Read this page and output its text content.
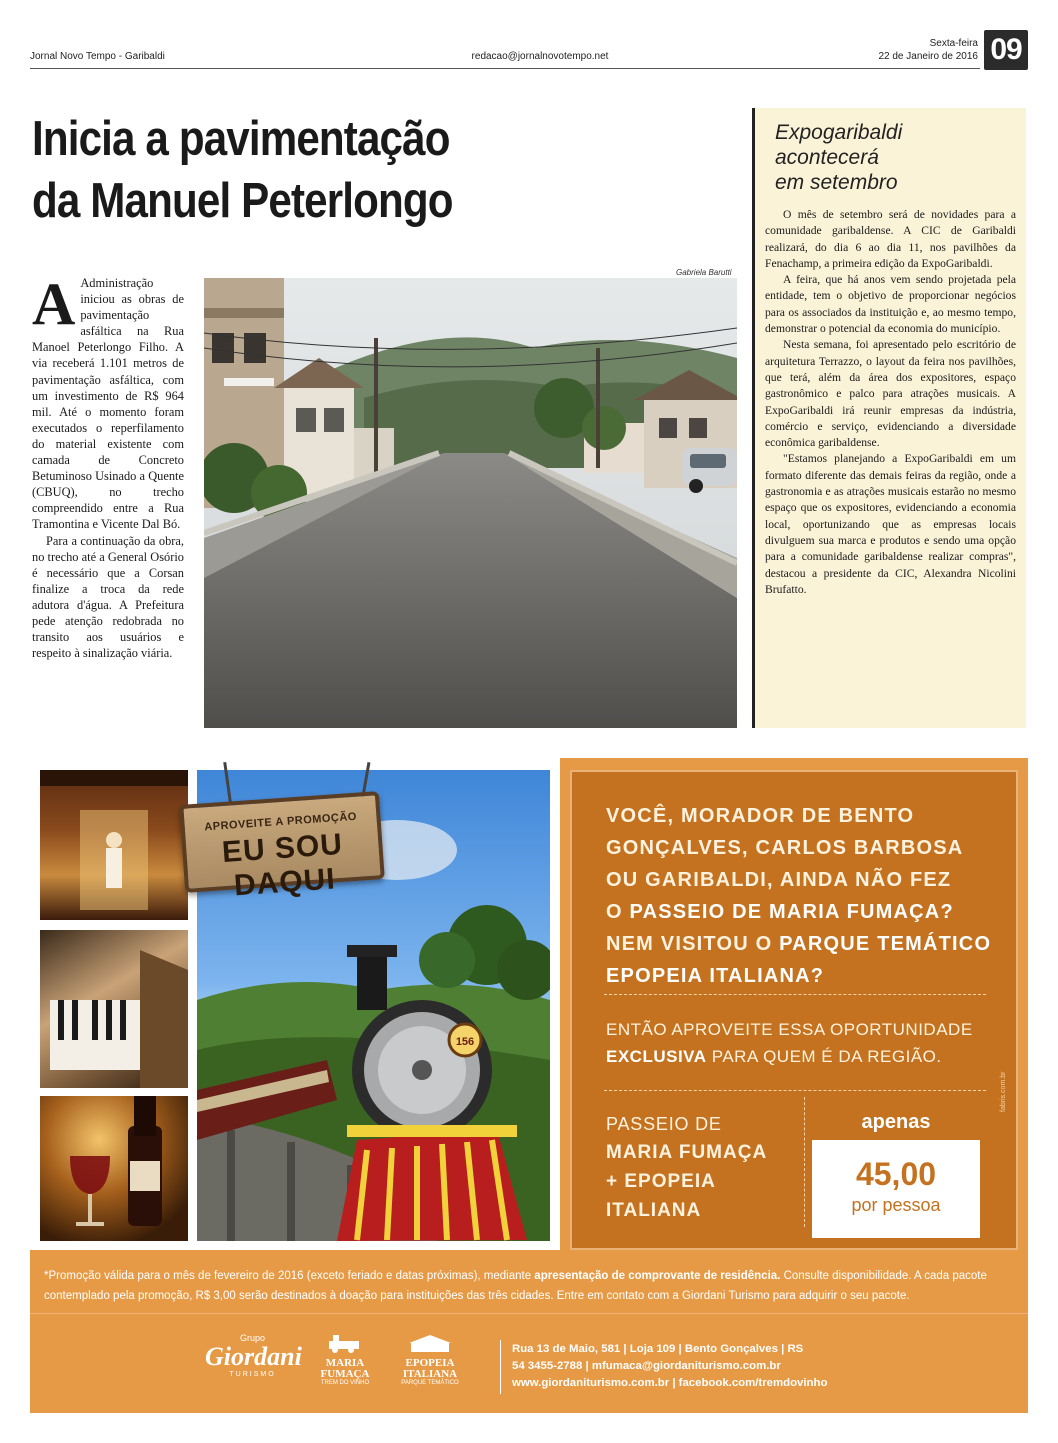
Jornal Novo Tempo - Garibaldi	redacao@jornalnovotempo.net
Sexta-feira
22 de Janeiro de 2016 09
Inicia a pavimentação
da Manuel Peterlongo

A Administração iniciou as obras de pavimentação asfáltica na Rua Manoel Peterlongo Filho. A via receberá 1.101 metros de pavimentação asfáltica, com um investimento de R$ 964 mil. Até o momento foram executados o reperfilamento do material existente com camada de Concreto Betuminoso Usinado a Quente (CBUQ), no trecho compreendido entre a Rua Tramontina e Vicente Dal Bó.

Para a continuação da obra, no trecho até a General Osório é necessário que a Corsan finalize a troca da rede adutora d'água. A Prefeitura pede atenção redobrada no transito aos usuários e respeito à sinalização viária.

Gabriela Barutti
Expogaribaldi
acontecerá
em setembro

O mês de setembro será de novidades para a comunidade garibaldense. A CIC de Garibaldi realizará, do dia 6 ao dia 11, nos pavilhões da Fenachamp, a primeira edição da ExpoGaribaldi.

A feira, que há anos vem sendo projetada pela entidade, tem o objetivo de proporcionar negócios para os associados da instituição e, ao mesmo tempo, demonstrar o potencial da economia do município.

Nesta semana, foi apresentado pelo escritório de arquitetura Terrazzo, o layout da feira nos pavilhões, que terá, além da área dos expositores, espaço gastronômico e palco para atrações musicais. A ExpoGaribaldi irá reunir empresas da indústria, comércio e serviço, evidenciando a diversidade econômica garibaldense.

"Estamos planejando a ExpoGaribaldi em um formato diferente das demais feiras da região, onde a gastronomia e as atrações musicais estarão no mesmo espaço que os expositores, evidenciando a economia local, oportunizando que as empresas locais divulguem sua marca e produtos e sendo uma opção para a comunidade garibaldense realizar compras", destacou a presidente da CIC, Alexandra Nicolini Brufatto.

156
APROVEITE A PROMOÇÃO
EU SOU DAQUI
VOCÊ, MORADOR DE BENTO
GONÇALVES, CARLOS BARBOSA
OU GARIBALDI, AINDA NÃO FEZ
O PASSEIO DE MARIA FUMAÇA?
NEM VISITOU O PARQUE TEMÁTICO
EPOPEIA ITALIANA?
ENTÃO APROVEITE ESSA OPORTUNIDADE
EXCLUSIVA PARA QUEM É DA REGIÃO.
PASSEIO DE
MARIA FUMAÇA
+ EPOPEIA
ITALIANA
apenas
45,00
por pessoa
fabris.com.br
*Promoção válida para o mês de fevereiro de 2016 (exceto feriado e datas próximas), mediante apresentação de comprovante de residência. Consulte disponibilidade. A cada pacote contemplado pela promoção, R$ 3,00 serão destinados à doação para instituições das três cidades. Entre em contato com a Giordani Turismo para adquirir o seu pacote.
Grupo
Giordani
TURISMO
MARIA
FUMAÇA
TREM DO VINHO
EPOPEIA
ITALIANA
PARQUE TEMÁTICO
Rua 13 de Maio, 581 | Loja 109 | Bento Gonçalves | RS
54 3455-2788 | mfumaca@giordaniturismo.com.br
www.giordaniturismo.com.br | facebook.com/tremdovinho
